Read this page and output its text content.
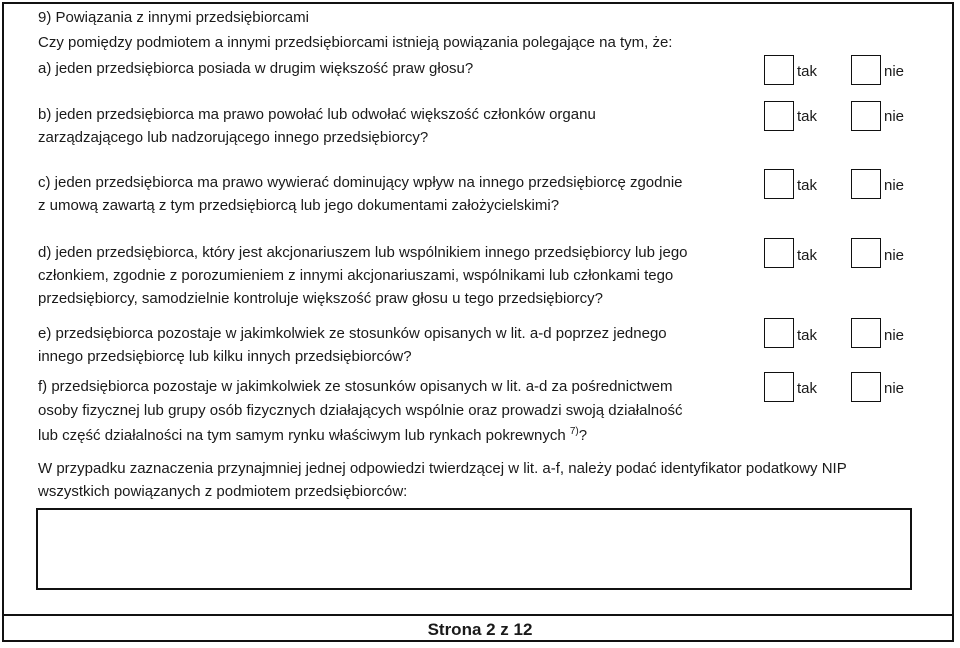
9) Powiązania z innymi przedsiębiorcami
Czy pomiędzy podmiotem a innymi przedsiębiorcami istnieją powiązania polegające na tym, że:
a) jeden przedsiębiorca posiada w drugim większość praw głosu?	tak	nie
b) jeden przedsiębiorca ma prawo powołać lub odwołać większość członków organu
zarządzającego lub nadzorującego innego przedsiębiorcy?
tak	nie
c) jeden przedsiębiorca ma prawo wywierać dominujący wpływ na innego przedsiębiorcę zgodnie
z umową zawartą z tym przedsiębiorcą lub jego dokumentami założycielskimi?
tak	nie
d) jeden przedsiębiorca, który jest akcjonariuszem lub wspólnikiem innego przedsiębiorcy lub jego
członkiem, zgodnie z porozumieniem z innymi akcjonariuszami, wspólnikami lub członkami tego
przedsiębiorcy, samodzielnie kontroluje większość praw głosu u tego przedsiębiorcy?
tak	nie
e) przedsiębiorca pozostaje w jakimkolwiek ze stosunków opisanych w lit. a-d poprzez jednego
innego przedsiębiorcę lub kilku innych przedsiębiorców?
tak	nie
f) przedsiębiorca pozostaje w jakimkolwiek ze stosunków opisanych w lit. a-d za pośrednictwem
osoby fizycznej lub grupy osób fizycznych działających wspólnie oraz prowadzi swoją działalność
lub część działalności na tym samym rynku właściwym lub rynkach pokrewnych $^{7)}$?
tak	nie
W przypadku zaznaczenia przynajmniej jednej odpowiedzi twierdzącej w lit. a-f, należy podać identyfikator podatkowy NIP
wszystkich powiązanych z podmiotem przedsiębiorców:
Strona 2 z 12
